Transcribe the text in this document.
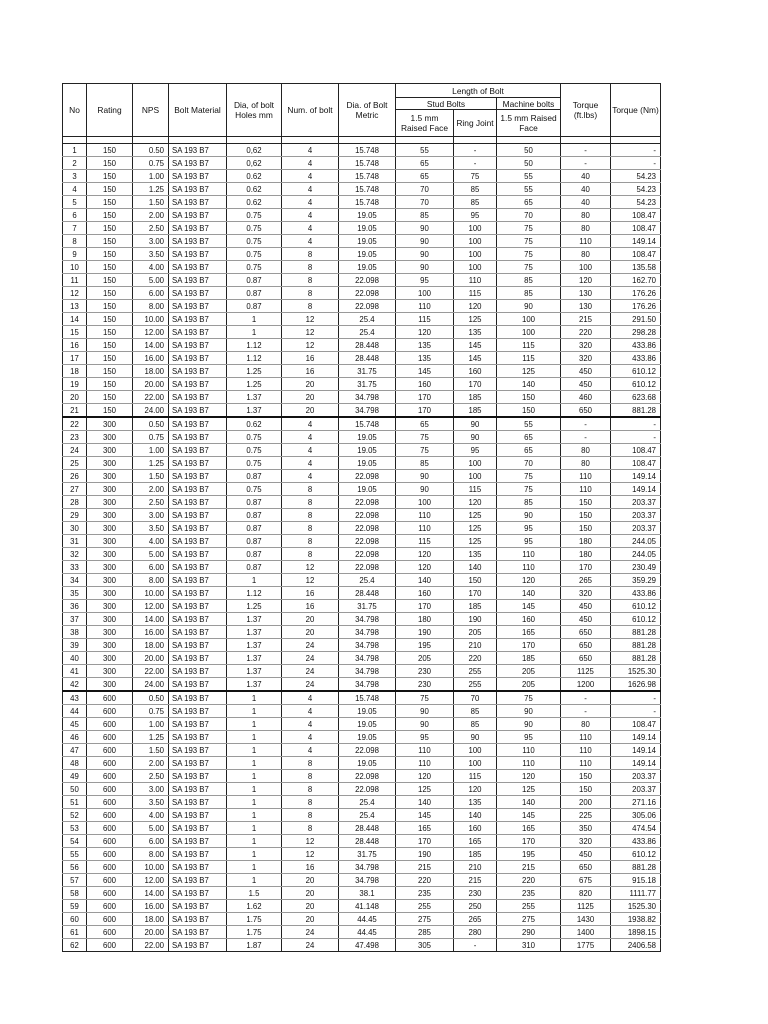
No	Rating	NPS	Bolt Material	Dia, of bolt Holes mm	Num. of bolt	Dia. of Bolt Metric	Length of Bolt			Torque (ft.lbs)	Torque (Nm)
							Stud Bolts		Machine bolts		
							1.5 mm Raised Face	Ring Joint	1.5 mm Raised Face		

1	150	0.50	SA 193 B7	0,62	4	15.748	55	-	50	-	-
2	150	0.75	SA 193 B7	0,62	4	15.748	65	-	50	-	-
3	150	1.00	SA 193 B7	0.62	4	15.748	65	75	55	40	54.23
4	150	1.25	SA 193 B7	0.62	4	15.748	70	85	55	40	54.23
5	150	1.50	SA 193 B7	0.62	4	15.748	70	85	65	40	54.23
6	150	2.00	SA 193 B7	0.75	4	19.05	85	95	70	80	108.47
7	150	2.50	SA 193 B7	0.75	4	19.05	90	100	75	80	108.47
8	150	3.00	SA 193 B7	0.75	4	19.05	90	100	75	110	149.14
9	150	3.50	SA 193 B7	0.75	8	19.05	90	100	75	80	108.47
10	150	4.00	SA 193 B7	0.75	8	19.05	90	100	75	100	135.58
11	150	5.00	SA 193 B7	0.87	8	22.098	95	110	85	120	162.70
12	150	6.00	SA 193 B7	0.87	8	22.098	100	115	85	130	176.26
13	150	8.00	SA 193 B7	0.87	8	22.098	110	120	90	130	176.26
14	150	10.00	SA 193 B7	1	12	25.4	115	125	100	215	291.50
15	150	12.00	SA 193 B7	1	12	25.4	120	135	100	220	298.28
16	150	14.00	SA 193 B7	1.12	12	28.448	135	145	115	320	433.86
17	150	16.00	SA 193 B7	1.12	16	28.448	135	145	115	320	433.86
18	150	18.00	SA 193 B7	1.25	16	31.75	145	160	125	450	610.12
19	150	20.00	SA 193 B7	1.25	20	31.75	160	170	140	450	610.12
20	150	22.00	SA 193 B7	1.37	20	34.798	170	185	150	460	623.68
21	150	24.00	SA 193 B7	1.37	20	34.798	170	185	150	650	881.28
22	300	0.50	SA 193 B7	0.62	4	15.748	65	90	55	-	-
23	300	0.75	SA 193 B7	0.75	4	19.05	75	90	65	-	-
24	300	1.00	SA 193 B7	0.75	4	19.05	75	95	65	80	108.47
25	300	1.25	SA 193 B7	0.75	4	19.05	85	100	70	80	108.47
26	300	1.50	SA 193 B7	0.87	4	22.098	90	100	75	110	149.14
27	300	2.00	SA 193 B7	0.75	8	19.05	90	115	75	110	149.14
28	300	2.50	SA 193 B7	0.87	8	22.098	100	120	85	150	203.37
29	300	3.00	SA 193 B7	0.87	8	22.098	110	125	90	150	203.37
30	300	3.50	SA 193 B7	0.87	8	22.098	110	125	95	150	203.37
31	300	4.00	SA 193 B7	0.87	8	22.098	115	125	95	180	244.05
32	300	5.00	SA 193 B7	0.87	8	22.098	120	135	110	180	244.05
33	300	6.00	SA 193 B7	0.87	12	22.098	120	140	110	170	230.49
34	300	8.00	SA 193 B7	1	12	25.4	140	150	120	265	359.29
35	300	10.00	SA 193 B7	1.12	16	28.448	160	170	140	320	433.86
36	300	12.00	SA 193 B7	1.25	16	31.75	170	185	145	450	610.12
37	300	14.00	SA 193 B7	1.37	20	34.798	180	190	160	450	610.12
38	300	16.00	SA 193 B7	1.37	20	34.798	190	205	165	650	881.28
39	300	18.00	SA 193 B7	1.37	24	34.798	195	210	170	650	881.28
40	300	20.00	SA 193 B7	1.37	24	34.798	205	220	185	650	881.28
41	300	22.00	SA 193 B7	1.37	24	34.798	230	255	205	1125	1525.30
42	300	24.00	SA 193 B7	1.37	24	34.798	230	255	205	1200	1626.98
43	600	0.50	SA 193 B7	1	4	15.748	75	70	75	-	-
44	600	0.75	SA 193 B7	1	4	19.05	90	85	90	-	-
45	600	1.00	SA 193 B7	1	4	19.05	90	85	90	80	108.47
46	600	1.25	SA 193 B7	1	4	19.05	95	90	95	110	149.14
47	600	1.50	SA 193 B7	1	4	22.098	110	100	110	110	149.14
48	600	2.00	SA 193 B7	1	8	19.05	110	100	110	110	149.14
49	600	2.50	SA 193 B7	1	8	22.098	120	115	120	150	203.37
50	600	3.00	SA 193 B7	1	8	22.098	125	120	125	150	203.37
51	600	3.50	SA 193 B7	1	8	25.4	140	135	140	200	271.16
52	600	4.00	SA 193 B7	1	8	25.4	145	140	145	225	305.06
53	600	5.00	SA 193 B7	1	8	28.448	165	160	165	350	474.54
54	600	6.00	SA 193 B7	1	12	28.448	170	165	170	320	433.86
55	600	8.00	SA 193 B7	1	12	31.75	190	185	195	450	610.12
56	600	10.00	SA 193 B7	1	16	34.798	215	210	215	650	881.28
57	600	12.00	SA 193 B7	1	20	34.798	220	215	220	675	915.18
58	600	14.00	SA 193 B7	1.5	20	38.1	235	230	235	820	1111.77
59	600	16.00	SA 193 B7	1.62	20	41.148	255	250	255	1125	1525.30
60	600	18.00	SA 193 B7	1.75	20	44.45	275	265	275	1430	1938.82
61	600	20.00	SA 193 B7	1.75	24	44.45	285	280	290	1400	1898.15
62	600	22.00	SA 193 B7	1.87	24	47.498	305	-	310	1775	2406.58
